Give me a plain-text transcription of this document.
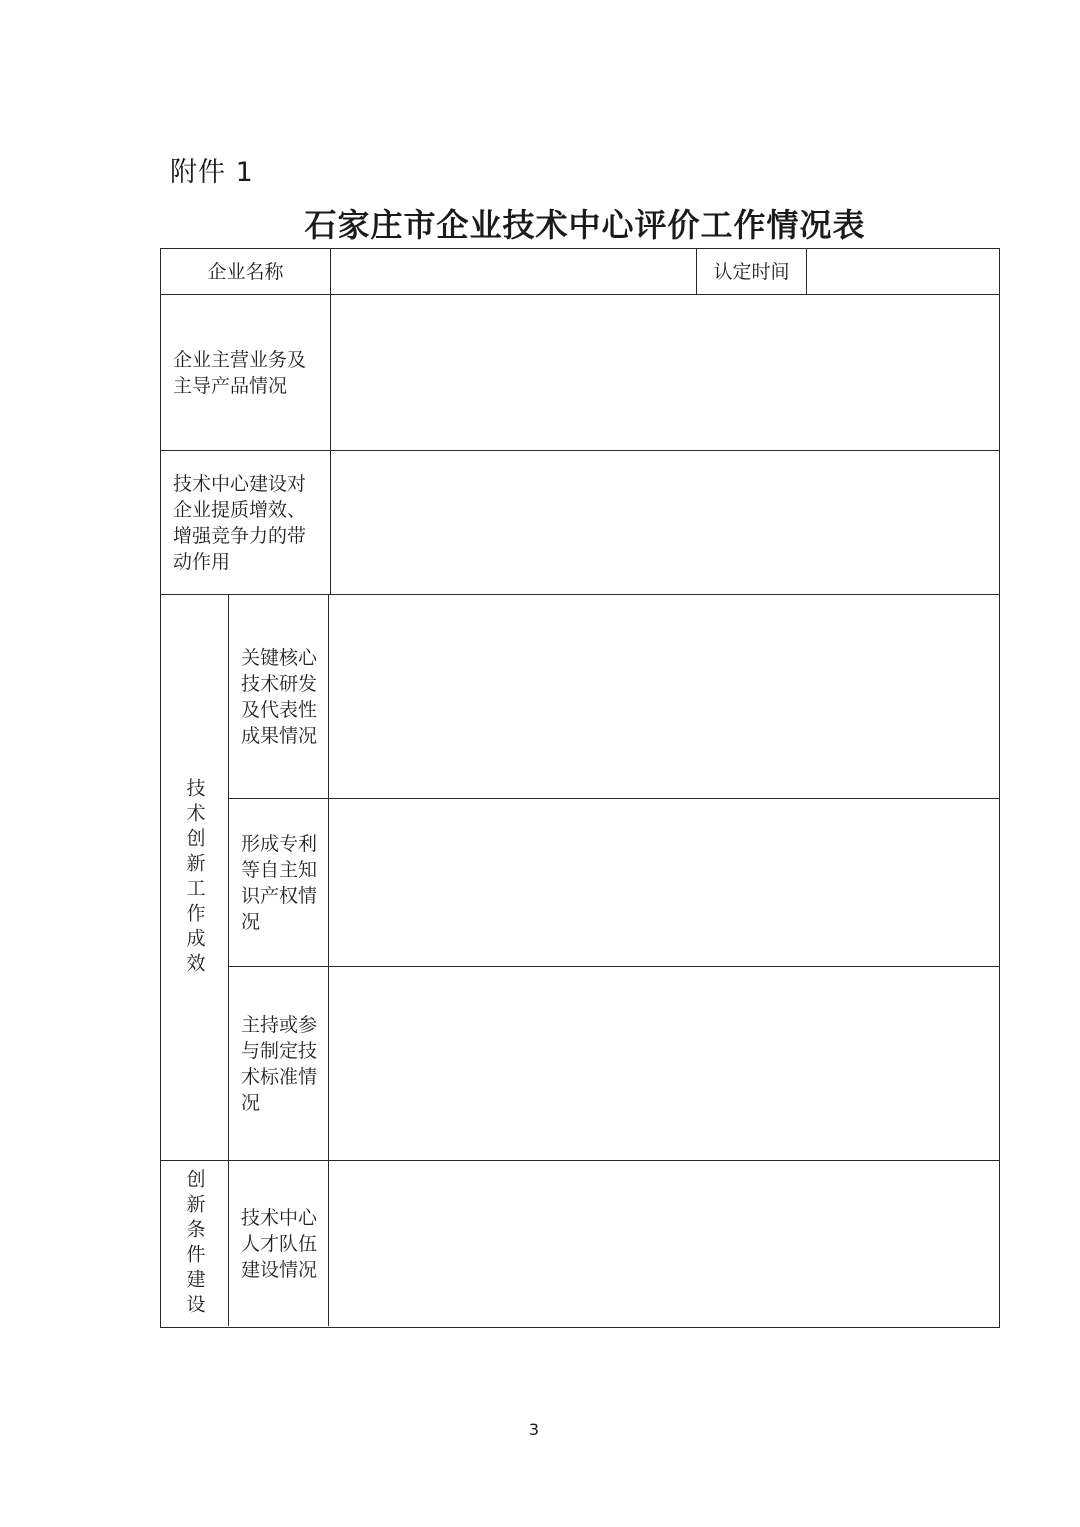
附件 1
石家庄市企业技术中心评价工作情况表
企业名称	认定时间
企业主营业务及主导产品情况
技术中心建设对企业提质增效、增强竞争力的带动作用
技术创新工作成效
关键核心技术研发及代表性成果情况
形成专利等自主知识产权情况
主持或参与制定技术标准情况
创新条件建设	技术中心人才队伍建设情况
3
